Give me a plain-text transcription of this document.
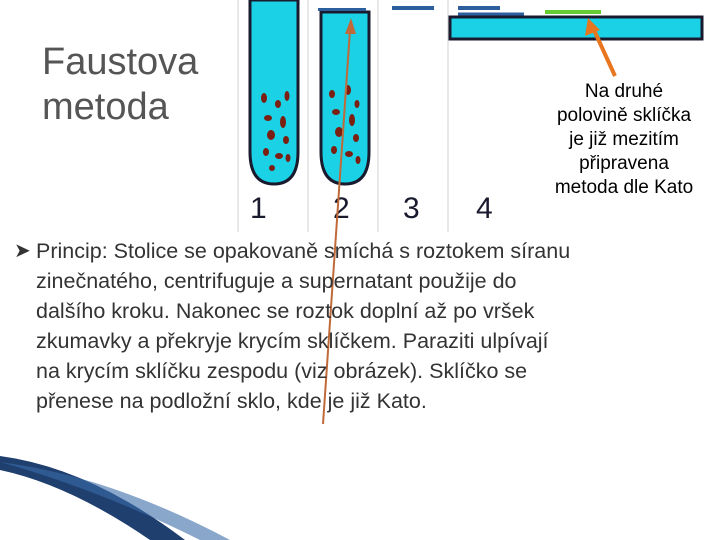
1 2 3 4
Faustova
metoda	Na druhé
polovině sklíčka
je již mezitím
připravena
metoda dle Kato
➤ Princip: Stolice se opakovaně smíchá s roztokem síranu
zinečnatého, centrifuguje a supernatant použije do
dalšího kroku. Nakonec se roztok doplní až po vršek
zkumavky a překryje krycím sklíčkem. Paraziti ulpívají
na krycím sklíčku zespodu (viz obrázek). Sklíčko se
přenese na podložní sklo, kde je již Kato.
